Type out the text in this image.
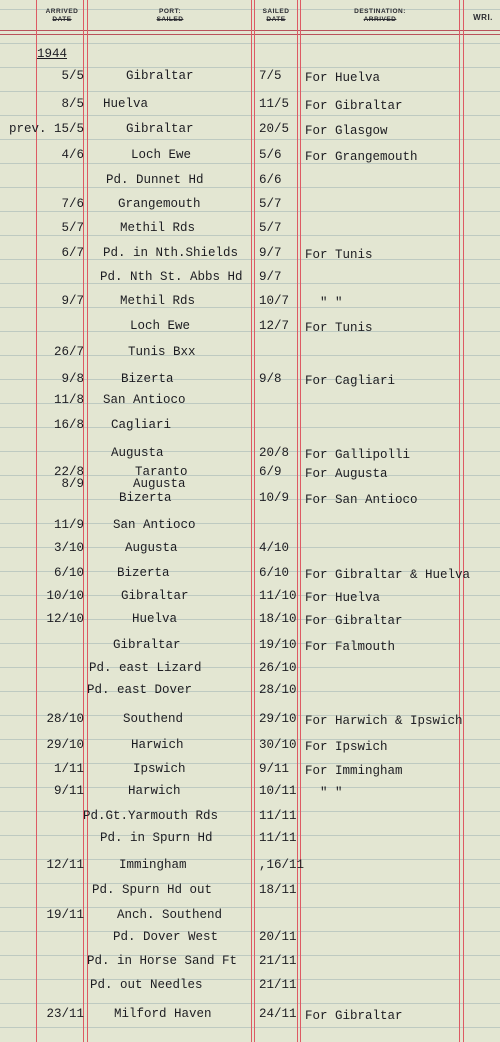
ARRIVED
DATE
PORT:
SAILED
SAILED
DATE
DESTINATION:
ARRIVED	WRI.
1944
5/5	Gibraltar	7/5 For Huelva
8/5 Huelva	11/5 For Gibraltar
prev. 15/5	Gibraltar	20/5 For Glasgow
4/6	Loch Ewe	5/6 For Grangemouth
Pd. Dunnet Hd	6/6
7/6	Grangemouth	5/7
5/7	Methil Rds	5/7
6/7 Pd. in Nth.Shields 9/7 For Tunis
Pd. Nth St. Abbs Hd 9/7
9/7	Methil Rds	10/7 " "
Loch Ewe	12/7 For Tunis
26/7	Tunis Bxx
9/8	Bizerta	9/8 For Cagliari
11/8 San Antioco
16/8 Cagliari
Augusta	20/8 For Gallipolli
22/8	Taranto	6/9 For Augusta
8/9	Augusta
Bizerta	10/9 For San Antioco
11/9 San Antioco
3/10	Augusta	4/10
6/10	Bizerta	6/10 For Gibraltar & Huelva
10/10	Gibraltar	11/10 For Huelva
12/10	Huelva	18/10 For Gibraltar
Gibraltar	19/10 For Falmouth
Pd. east Lizard	26/10
Pd. east Dover	28/10
28/10	Southend	29/10 For Harwich & Ipswich
29/10	Harwich	30/10 For Ipswich
1/11	Ipswich	9/11 For Immingham
9/11	Harwich	10/11 " "
Pd.Gt.Yarmouth Rds	11/11
Pd. in Spurn Hd	11/11
12/11	Immingham	,16/11
Pd. Spurn Hd out	18/11
19/11	Anch. Southend
Pd. Dover West	20/11
Pd. in Horse Sand Ft 21/11
Pd. out Needles	21/11
23/11 Milford Haven	24/11 For Gibraltar
